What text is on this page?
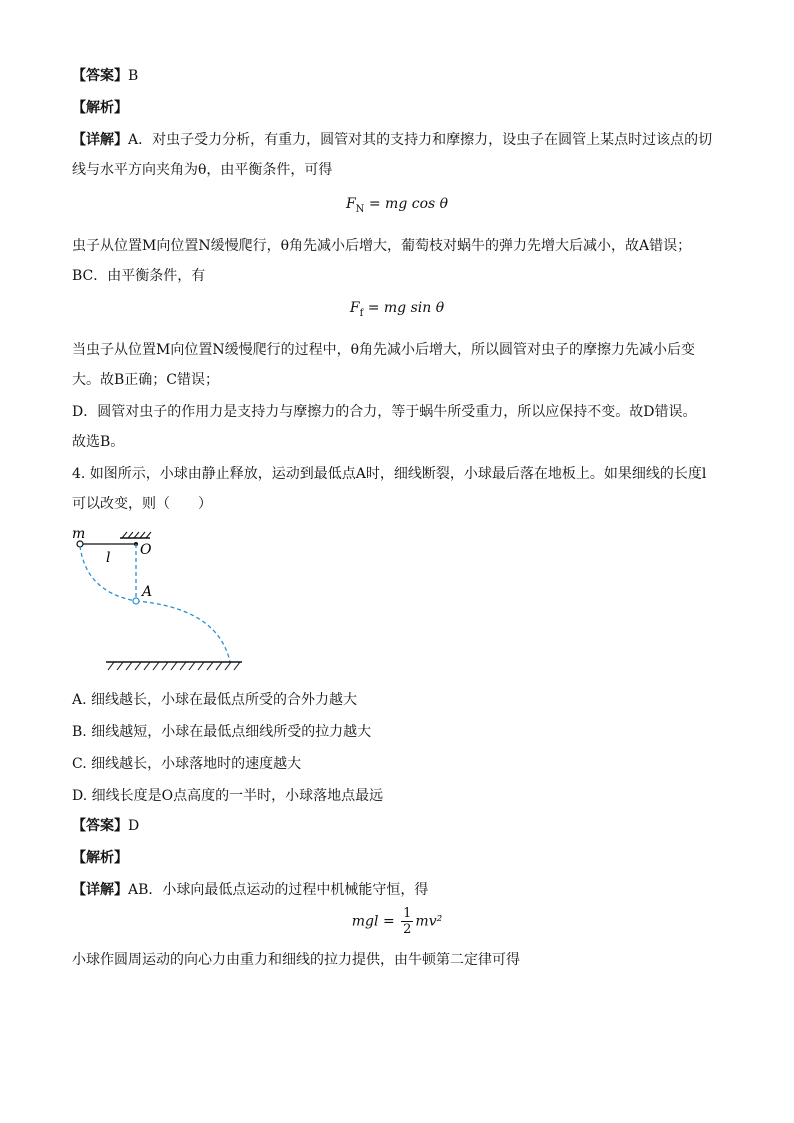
【答案】B
【解析】
【详解】A．对虫子受力分析，有重力，圆管对其的支持力和摩擦力，设虫子在圆管上某点时过该点的切
线与水平方向夹角为θ，由平衡条件，可得
$F_N$ = mg cos θ
虫子从位置M向位置N缓慢爬行，θ角先减小后增大，葡萄枝对蜗牛的弹力先增大后减小，故A错误；
BC．由平衡条件，有
$F_f$ = mg sin θ
当虫子从位置M向位置N缓慢爬行的过程中，θ角先减小后增大，所以圆管对虫子的摩擦力先减小后变
大。故B正确；C错误；
D．圆管对虫子的作用力是支持力与摩擦力的合力，等于蜗牛所受重力，所以应保持不变。故D错误。
故选B。
4. 如图所示，小球由静止释放，运动到最低点A时，细线断裂，小球最后落在地板上。如果细线的长度l
可以改变，则（　　）
m
O
l
A
A. 细线越长，小球在最低点所受的合外力越大
B. 细线越短，小球在最低点细线所受的拉力越大
C. 细线越长，小球落地时的速度越大
D. 细线长度是O点高度的一半时，小球落地点最远
【答案】D
【解析】
【详解】AB．小球向最低点运动的过程中机械能守恒，得
mgl = $\frac{1}{2} mv^2$
小球作圆周运动的向心力由重力和细线的拉力提供，由牛顿第二定律可得
